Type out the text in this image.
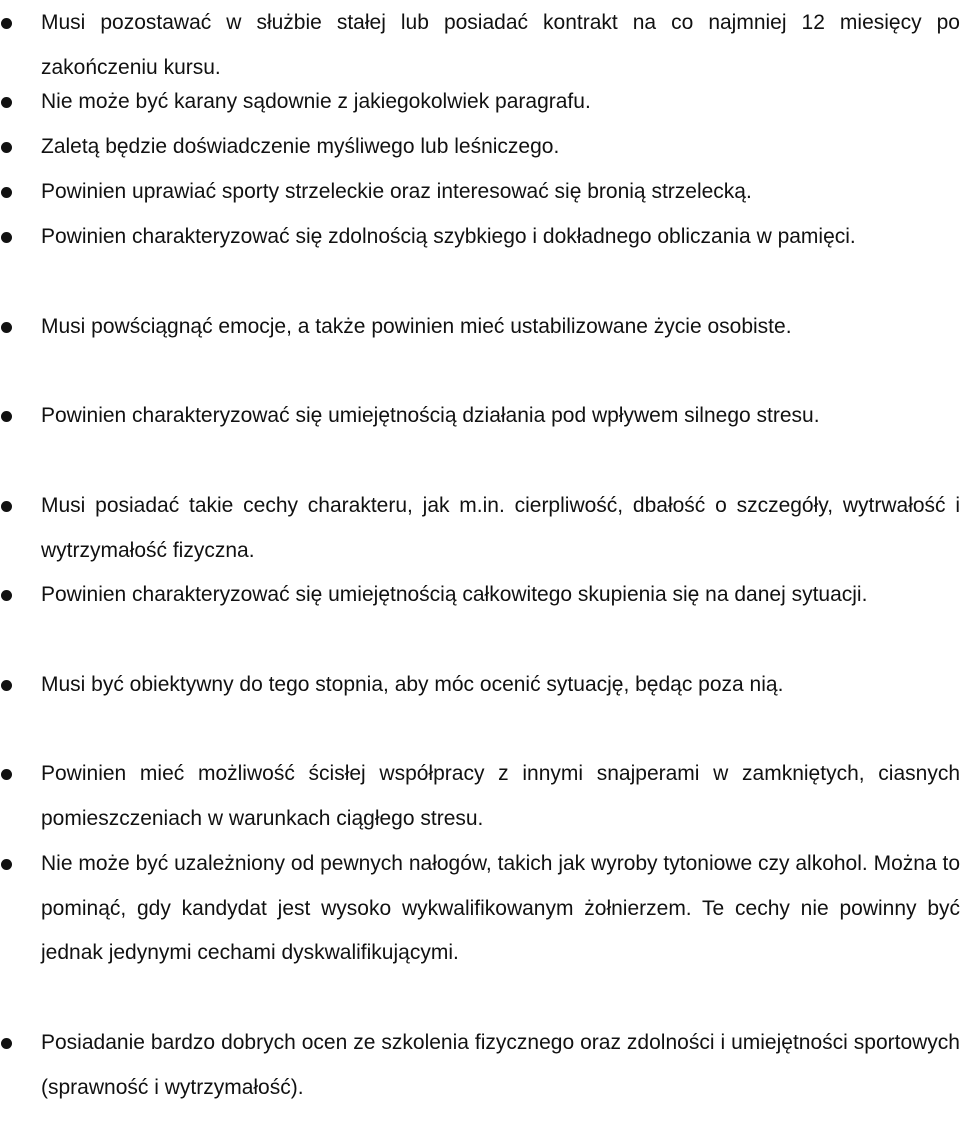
Musi pozostawać w służbie stałej lub posiadać kontrakt na co najmniej 12 miesięcy po zakończeniu kursu.

Nie może być karany sądownie z jakiegokolwiek paragrafu.

Zaletą będzie doświadczenie myśliwego lub leśniczego.

Powinien uprawiać sporty strzeleckie oraz interesować się bronią strzelecką.

Powinien charakteryzować się zdolnością szybkiego i dokładnego obliczania w pamięci.

Musi powściągnąć emocje, a także powinien mieć ustabilizowane życie osobiste.

Powinien charakteryzować się umiejętnością działania pod wpływem silnego stresu.

Musi posiadać takie cechy charakteru, jak m.in. cierpliwość, dbałość o szczegóły, wytrwałość i wytrzymałość fizyczna.

Powinien charakteryzować się umiejętnością całkowitego skupienia się na danej sytuacji.

Musi być obiektywny do tego stopnia, aby móc ocenić sytuację, będąc poza nią.

Powinien mieć możliwość ścisłej współpracy z innymi snajperami w zamkniętych, ciasnych pomieszczeniach w warunkach ciągłego stresu.

Nie może być uzależniony od pewnych nałogów, takich jak wyroby tytoniowe czy alkohol. Można to pominąć, gdy kandydat jest wysoko wykwalifikowanym żołnierzem. Te cechy nie powinny być jednak jedynymi cechami dyskwalifikującymi.

Posiadanie bardzo dobrych ocen ze szkolenia fizycznego oraz zdolności i umiejętności sportowych (sprawność i wytrzymałość).
